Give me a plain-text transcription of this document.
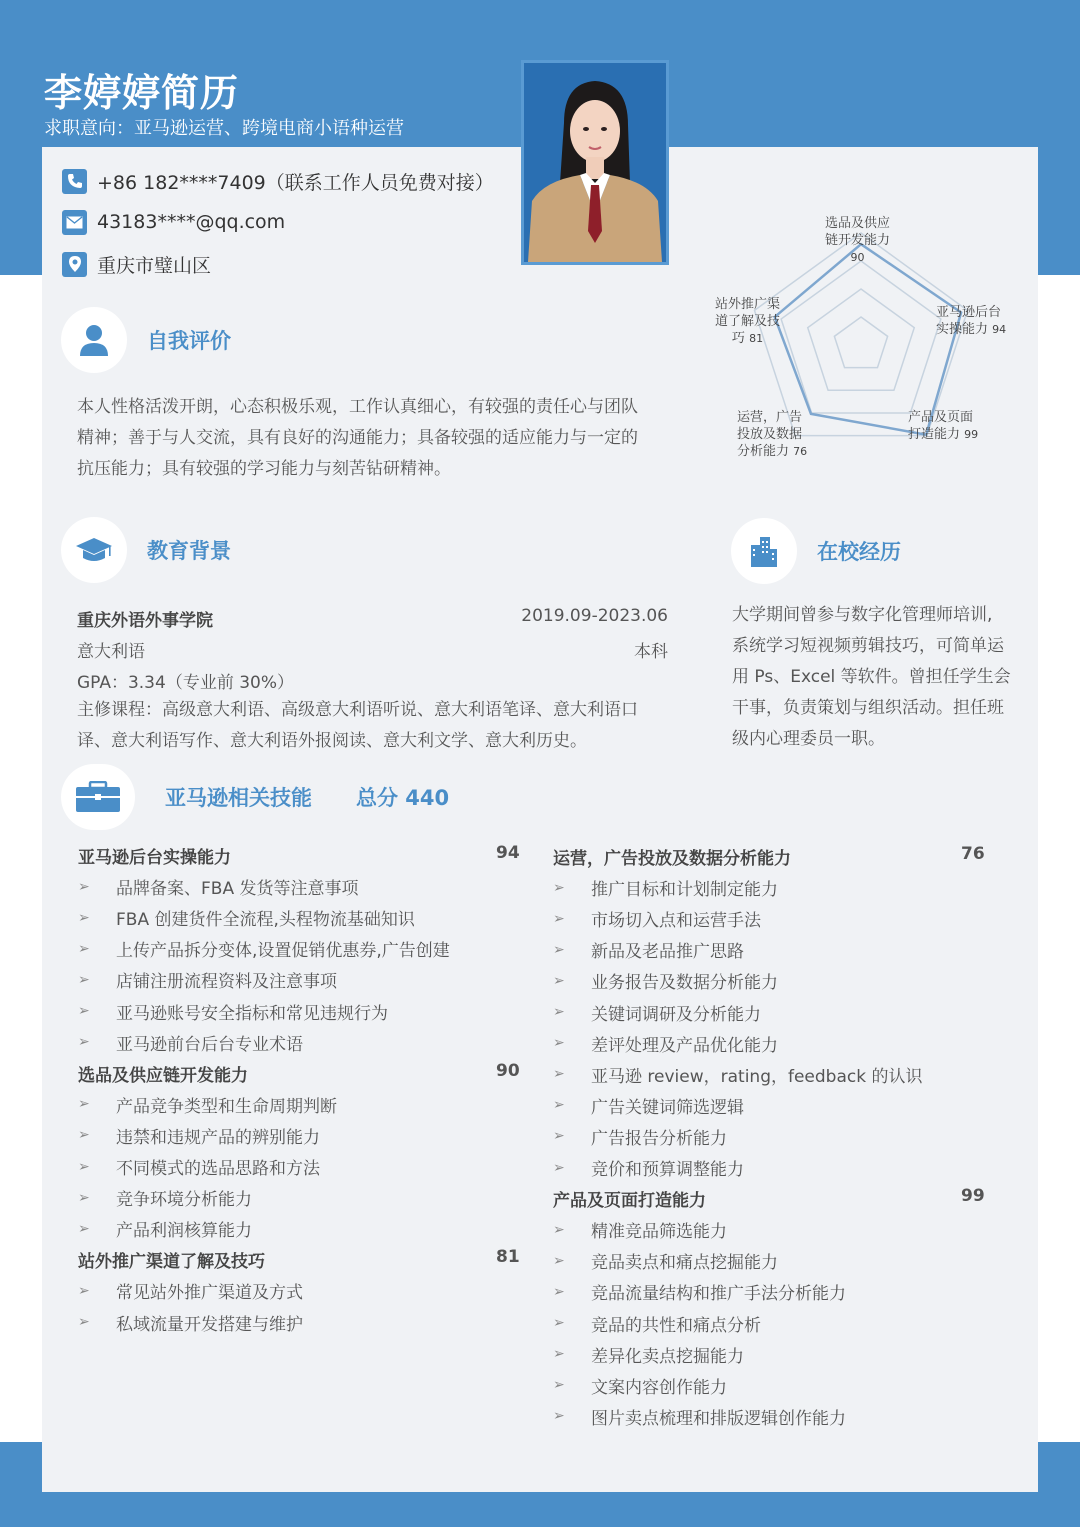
李婷婷简历
求职意向：亚马逊运营、跨境电商小语种运营
+86 182****7409（联系工作人员免费对接）
43183****@qq.com
重庆市璧山区
自我评价

本人性格活泼开朗，心态积极乐观，工作认真细心，有较强的责任心与团队

精神；善于与人交流，具有良好的沟通能力；具备较强的适应能力与一定的

抗压能力；具有较强的学习能力与刻苦钻研精神。

选品及供应
链开发能力
90
亚马逊后台
实操能力 94
产品及页面
打造能力 99
运营，广告
投放及数据
分析能力 76
站外推广渠
道了解及技
巧 81
教育背景
重庆外语外事学院	2019.09-2023.06
意大利语	本科
GPA：3.34（专业前 30%）

主修课程：高级意大利语、高级意大利语听说、意大利语笔译、意大利语口

译、意大利语写作、意大利语外报阅读、意大利文学、意大利历史。

在校经历

大学期间曾参与数字化管理师培训,

系统学习短视频剪辑技巧，可简单运

用 Ps、Excel 等软件。曾担任学生会

干事，负责策划与组织活动。担任班

级内心理委员一职。

亚马逊相关技能 总分 440
亚马逊后台实操能力	94
➢	品牌备案、FBA 发货等注意事项
➢	FBA 创建货件全流程,头程物流基础知识
➢	上传产品拆分变体,设置促销优惠券,广告创建
➢	店铺注册流程资料及注意事项
➢	亚马逊账号安全指标和常见违规行为
➢	亚马逊前台后台专业术语
选品及供应链开发能力	90
➢	产品竞争类型和生命周期判断
➢	违禁和违规产品的辨别能力
➢	不同模式的选品思路和方法
➢	竞争环境分析能力
➢	产品利润核算能力
站外推广渠道了解及技巧	81
➢	常见站外推广渠道及方式
➢	私域流量开发搭建与维护
运营，广告投放及数据分析能力	76
➢	推广目标和计划制定能力
➢	市场切入点和运营手法
➢	新品及老品推广思路
➢	业务报告及数据分析能力
➢	关键词调研及分析能力
➢	差评处理及产品优化能力
➢	亚马逊 review，rating，feedback 的认识
➢	广告关键词筛选逻辑
➢	广告报告分析能力
➢	竞价和预算调整能力
产品及页面打造能力	99
➢	精准竞品筛选能力
➢	竞品卖点和痛点挖掘能力
➢	竞品流量结构和推广手法分析能力
➢	竞品的共性和痛点分析
➢	差异化卖点挖掘能力
➢	文案内容创作能力
➢	图片卖点梳理和排版逻辑创作能力
